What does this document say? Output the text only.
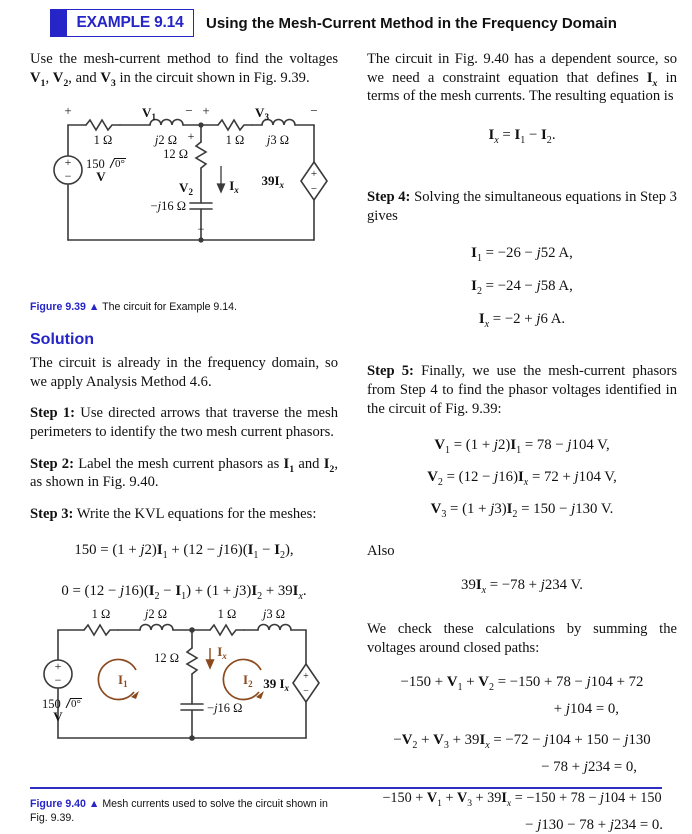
EXAMPLE 9.14 Using the Mesh-Current Method in the Frequency Domain

Use the mesh-current method to find the voltages $V_1$, $V_2$, and $V_3$ in the circuit shown in Fig. 9.39.

Figure 9.39 ▲ The circuit for Example 9.14.
Solution

The circuit is already in the frequency domain, so we apply Analysis Method 4.6.

Step 1: Use directed arrows that traverse the mesh perimeters to identify the two mesh current phasors.

Step 2: Label the mesh current phasors as $I_1$ and $I_2$, as shown in Fig. 9.40.

Step 3: Write the KVL equations for the meshes:

$150 = (1 + j2)I_1 + (12 - j16)(I_1 - I_2)$,
$0 = (12 - j16)(I_2 - I_1) + (1 + j3)I_2 + 39I_x$.
Figure 9.40 ▲ Mesh currents used to solve the circuit shown in Fig. 9.39.

The circuit in Fig. 9.40 has a dependent source, so we need a constraint equation that defines $I_x$ in terms of the mesh currents. The resulting equation is

$I_x = I_1 - I_2$.

Step 4: Solving the simultaneous equations in Step 3 gives

$I_1 = -26 - j52$ A,
$I_2 = -24 - j58$ A,
$I_x = -2 + j6$ A.

Step 5: Finally, we use the mesh-current phasors from Step 4 to find the phasor voltages identified in the circuit of Fig. 9.39:

$V_1 = (1 + j2)I_1 = 78 - j104$ V,
$V_2 = (12 - j16)I_x = 72 + j104$ V,
$V_3 = (1 + j3)I_2 = 150 - j130$ V.

Also

$39I_x = -78 + j234$ V.

We check these calculations by summing the voltages around closed paths:

$-150 + V_1 + V_2 = -150 + 78 - j104 + 72$
+ j104 = 0,
$-V_2 + V_3 + 39I_x = -72 - j104 + 150 - j130$
− 78 + j234 = 0,
$-150 + V_1 + V_3 + 39I_x = -150 + 78 - j104 + 150$
− j130 − 78 + j234 = 0.
+
−	+
−
1 Ω	j2 Ω	1 Ω j3 Ω
12 Ω
−j16 Ω
$V_1$	$V_3$
$V_2$	$I_x$
$39I_x$
+	− +	−
+
−
150 0°
V
+
−	+
−
$I_1$	$I_2$
1 Ω	j2 Ω	1 Ω j3 Ω
12 Ω
−j16 Ω
$I_x$
39 $I_x$
150 0°
V
